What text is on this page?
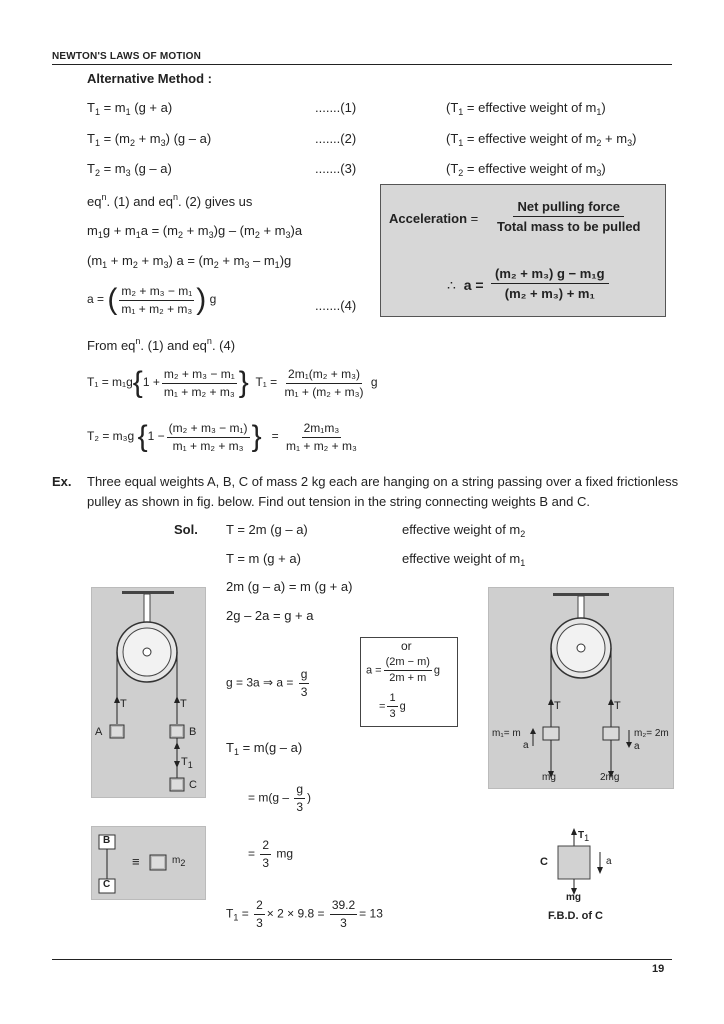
NEWTON'S LAWS OF MOTION
Alternative Method :
$T_1 = m_1$ (g + a)	.......(1)	($T_1$ = effective weight of $m_1$)
$T_1 = (m_2 + m_3)$ (g – a)	.......(2)	($T_1$ = effective weight of $m_2 + m_3$)
$T_2 = m_3$ (g – a)	.......(3)	($T_2$ = effective weight of $m_3$)
$eq^n$. (1) and $eq^n$. (2) gives us
$m_1g + m_1a = (m_2 + m_3)g - (m_2 + m_3)a$
$(m_1 + m_2 + m_3) a = (m_2 + m_3 - m_1)g$
a = ( $\frac{\text{m₂ + m₃ − m₁}}{\text{m₁ + m₂ + m₃}}$ ) g	.......(4)
From $eq^n$. (1) and $eq^n$. (4)
$T_1 = m_1g\{1 + \frac{\text{m₂ + m₃ − m₁}}{\text{m₁ + m₂ + m₃}}$ } $T_1 = \frac{\text{2m₁(m₂ + m₃)}}{\text{m₁ + (m₂ + m₃)}}$ g
T₂ = m₃g {$1 - \frac{\text{(m₂ + m₃ − m₁)}}{\text{m₁ + m₂ + m₃}}$ } = $\frac{\text{2m₁m₃}}{\text{m₁ + m₂ + m₃}}$
Acceleration = $\frac{\text{Net pulling force}}{\text{Total mass to be pulled}}$
∴ $a = \frac{\text{(m₂ + m₃) g − m₁g}}{\text{(m₂ + m₃) + m₁}}$
Ex. Three equal weights A, B, C of mass 2 kg each are hanging on a string passing over a fixed frictionless
pulley as shown in fig. below. Find out tension in the string connecting weights B and C.
Sol. T = 2m (g – a)	effective weight of $m_2$
T = m (g + a)	effective weight of $m_1$
2m (g – a) = m (g + a)
2g – 2a = g + a
g = 3a ⇒ $a = \frac{g}{3}$
or
$a = \frac{(2m - m)}{2m + m}$ g
= $\frac{1}{3}$ g
$T_1 = m(g - a)$
= $m(g - \frac{g}{3}$ )
= $\frac{2}{3}$ mg
$T_1 = \frac{2}{3} \times 2 \times 9.8 = \frac{39.2}{3} = 13$
T	T
A	B
$T_1$
C
B
C
≡	$m_2$
T	T
m₁= m	m₂= 2m
a	a
mg	2mg
$T_1$
C	a
mg
F.B.D. of C
19
